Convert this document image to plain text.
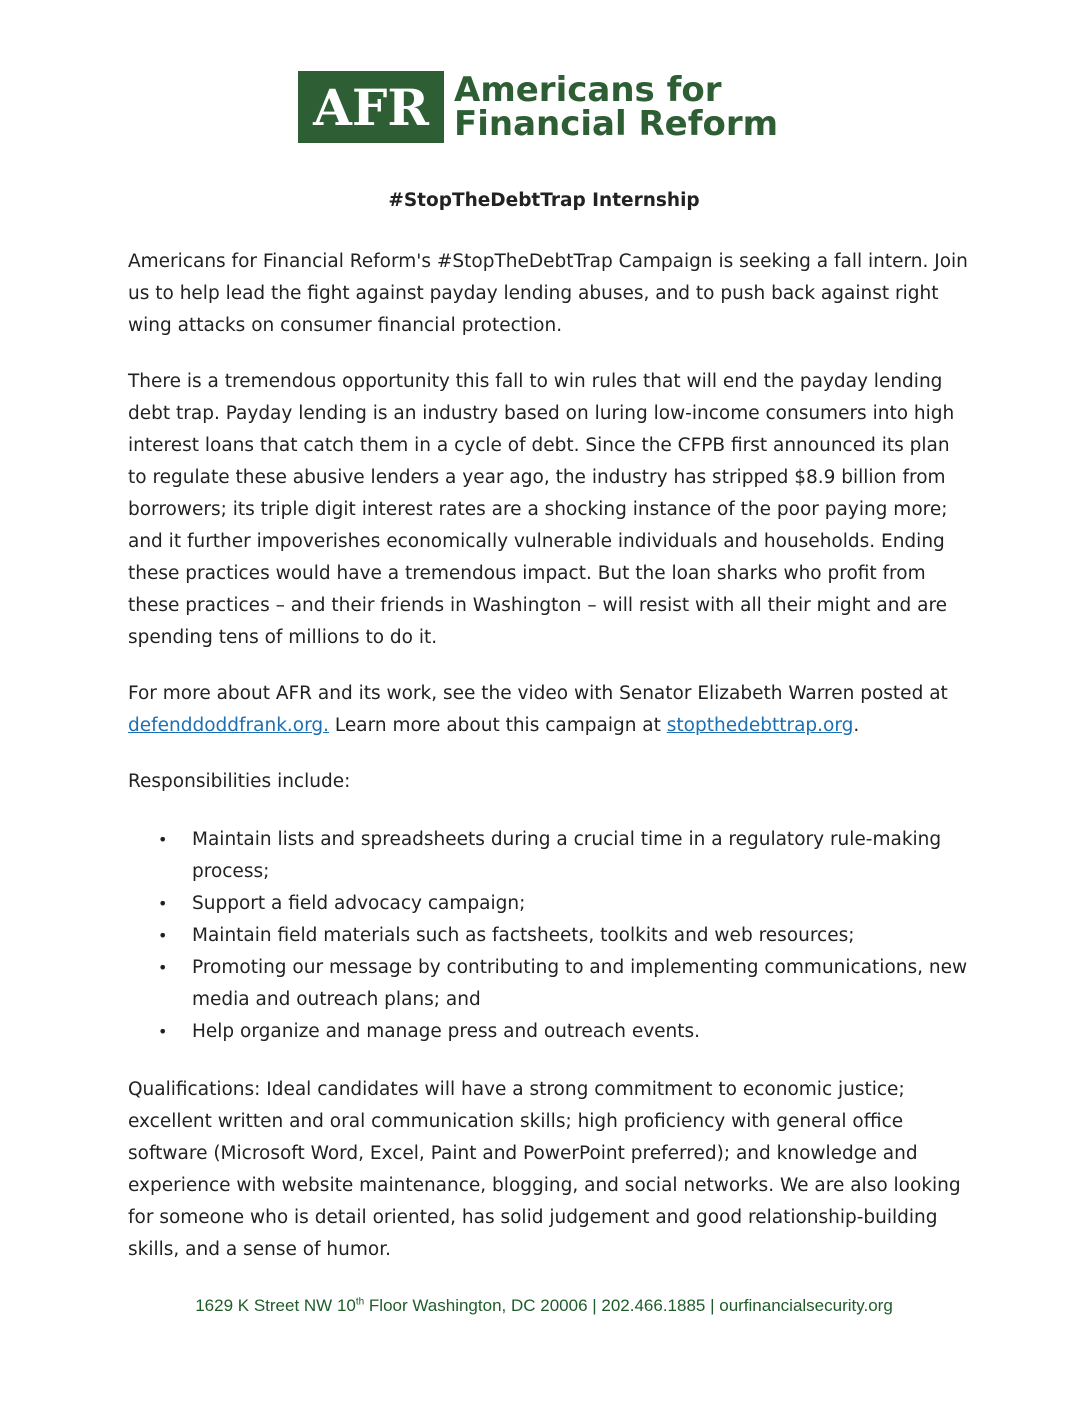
AFR Americans for
Financial Reform
#StopTheDebtTrap Internship

Americans for Financial Reform's #StopTheDebtTrap Campaign is seeking a fall intern. Join us to help lead the fight against payday lending abuses, and to push back against right wing attacks on consumer financial protection.

There is a tremendous opportunity this fall to win rules that will end the payday lending debt trap. Payday lending is an industry based on luring low-income consumers into high interest loans that catch them in a cycle of debt. Since the CFPB first announced its plan to regulate these abusive lenders a year ago, the industry has stripped $8.9 billion from borrowers; its triple digit interest rates are a shocking instance of the poor paying more; and it further impoverishes economically vulnerable individuals and households. Ending these practices would have a tremendous impact. But the loan sharks who profit from these practices – and their friends in Washington – will resist with all their might and are spending tens of millions to do it.

For more about AFR and its work, see the video with Senator Elizabeth Warren posted at defenddoddfrank.org. Learn more about this campaign at stopthedebttrap.org.

Responsibilities include:
• Maintain lists and spreadsheets during a crucial time in a regulatory rule-making process;
• Support a field advocacy campaign;
• Maintain field materials such as factsheets, toolkits and web resources;
• Promoting our message by contributing to and implementing communications, new media and outreach plans; and
• Help organize and manage press and outreach events.

Qualifications: Ideal candidates will have a strong commitment to economic justice; excellent written and oral communication skills; high proficiency with general office software (Microsoft Word, Excel, Paint and PowerPoint preferred); and knowledge and experience with website maintenance, blogging, and social networks. We are also looking for someone who is detail oriented, has solid judgement and good relationship-building skills, and a sense of humor.

1629 K Street NW 10th Floor Washington, DC 20006 | 202.466.1885 | ourfinancialsecurity.org
